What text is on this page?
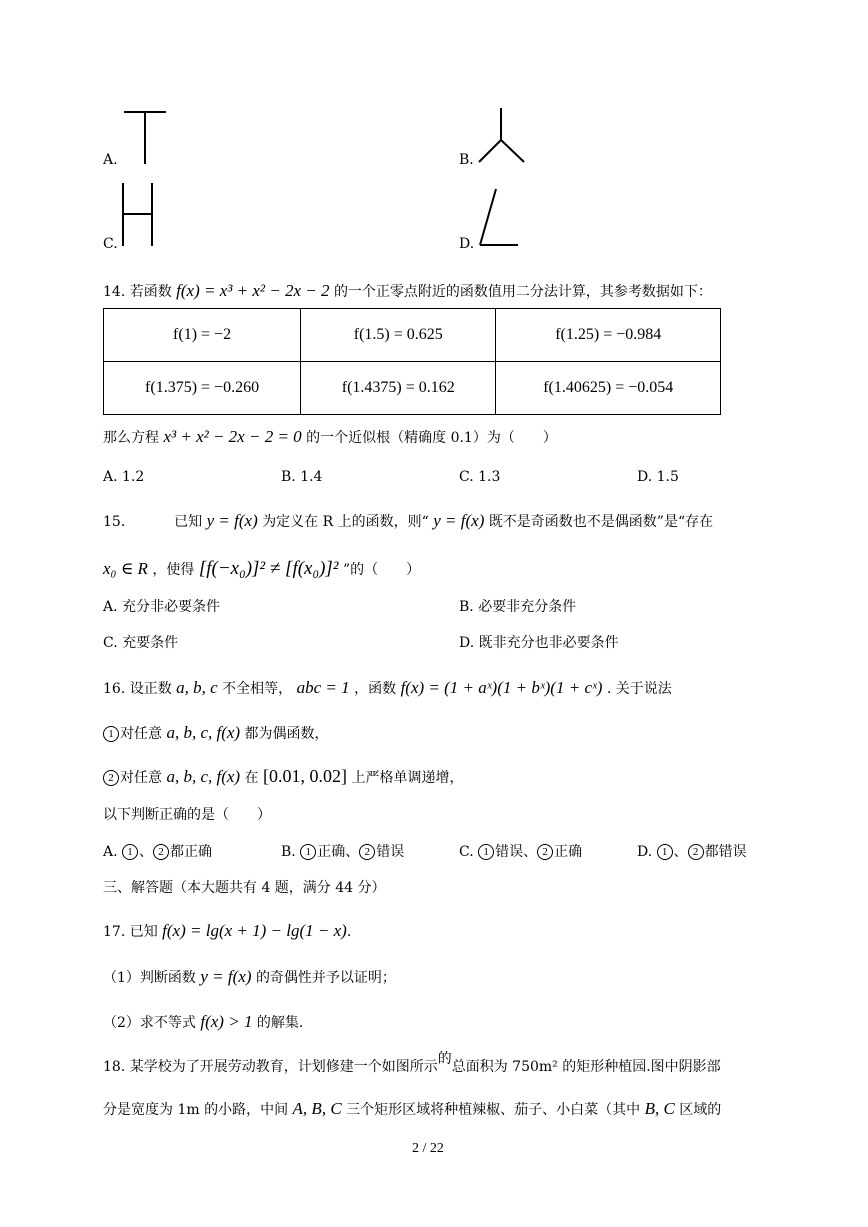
A.	B.
C.	D.
14. 若函数 f(x) = x³ + x² − 2x − 2 的一个正零点附近的函数值用二分法计算，其参考数据如下：
f(1) = −2	f(1.5) = 0.625	f(1.25) = −0.984
f(1.375) = −0.260	f(1.4375) = 0.162	f(1.40625) = −0.054
那么方程 x³ + x² − 2x − 2 = 0 的一个近似根（精确度 0.1）为（　　）
A. 1.2	B. 1.4	C. 1.3	D. 1.5
15.	已知 y = f(x) 为定义在 R 上的函数，则“ y = f(x) 既不是奇函数也不是偶函数”是“存在
x₀ ∈ R ，使得 [f(−x₀)]² ≠ [f(x₀)]² ”的（　　）
A. 充分非必要条件	B. 必要非充分条件
C. 充要条件	D. 既非充分也非必要条件
16. 设正数 a, b, c 不全相等， abc = 1 ，函数 f(x) = (1 + aˣ)(1 + bˣ)(1 + cˣ) . 关于说法
1 对任意 a, b, c, f(x) 都为偶函数，
2 对任意 a, b, c, f(x) 在 [0.01, 0.02] 上严格单调递增，
以下判断正确的是（　　）
A. 1 、 2 都正确	B. 1 正确、 2 错误	C. 1 错误、 2 正确	D. 1 、 2 都错误
三、解答题（本大题共有 4 题，满分 44 分）
17. 已知 f(x) = lg(x + 1) − lg(1 − x).
（1）判断函数 y = f(x) 的奇偶性并予以证明；
（2）求不等式 f(x) > 1 的解集.
18. 某学校为了开展劳动教育，计划修建一个如图所示的总面积为 750m² 的矩形种植园.图中阴影部
分是宽度为 1m 的小路，中间 A, B, C 三个矩形区域将种植辣椒、茄子、小白菜（其中 B, C 区域的
2 / 22
